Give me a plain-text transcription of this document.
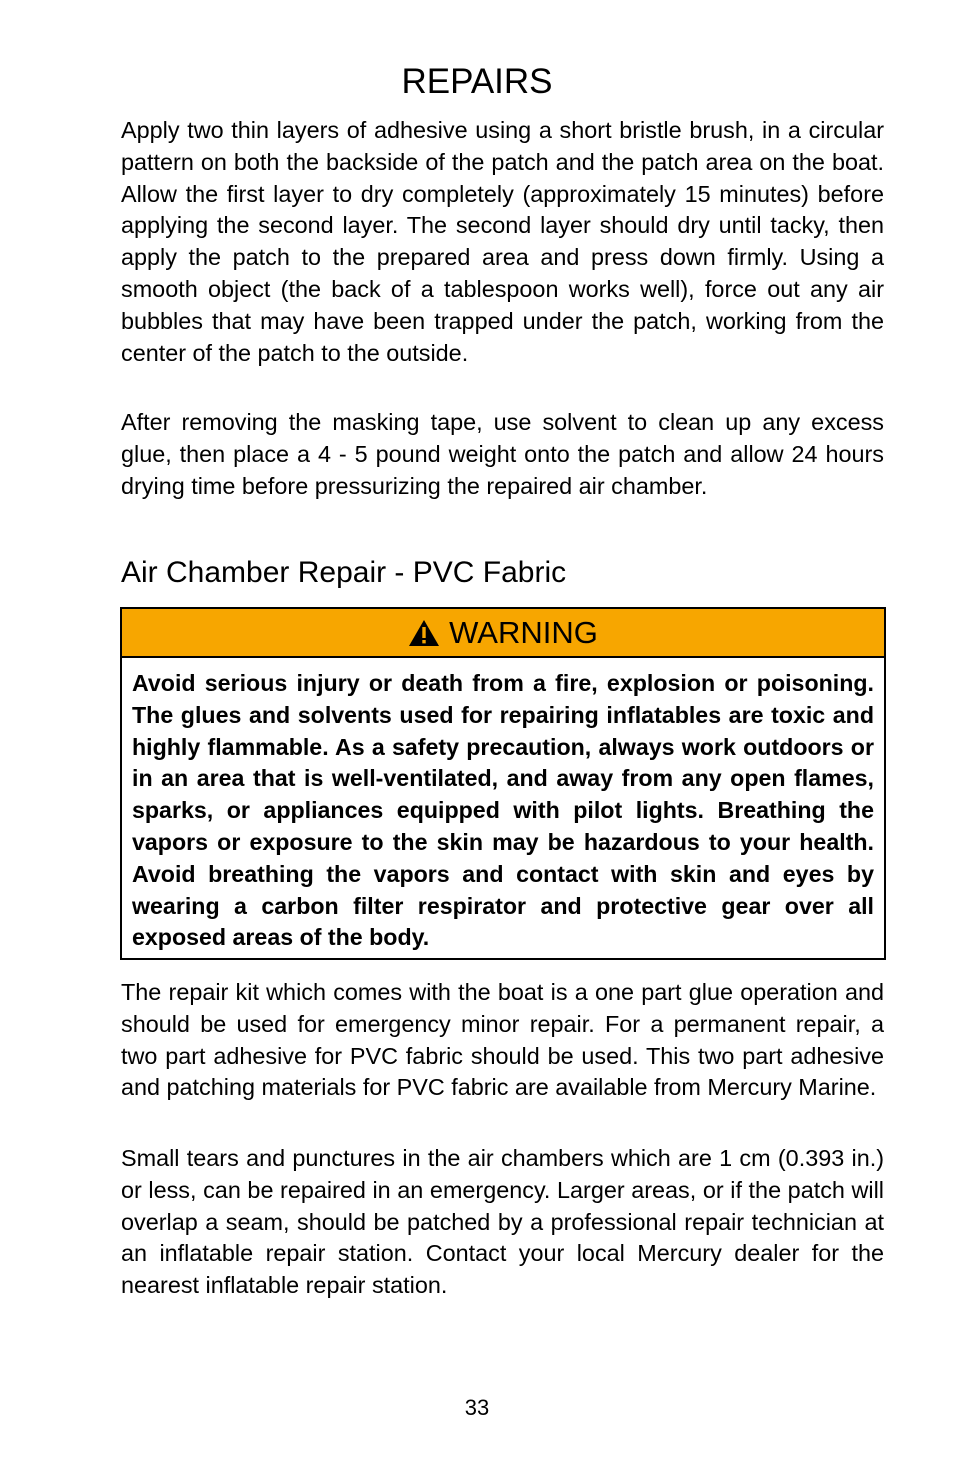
REPAIRS

Apply two thin layers of adhesive using a short bristle brush, in a circular pattern on both the backside of the patch and the patch area on the boat. Allow the first layer to dry completely (approximately 15 minutes) before applying the second layer. The second layer should dry until tacky, then apply the patch to the prepared area and press down firmly. Using a smooth object (the back of a tablespoon works well), force out any air bubbles that may have been trapped under the patch, working from the center of the patch to the outside.

After removing the masking tape, use solvent to clean up any excess glue, then place a 4 - 5 pound weight onto the patch and allow 24 hours drying time before pressurizing the repaired air chamber.

Air Chamber Repair - PVC Fabric
WARNING

Avoid serious injury or death from a fire, explosion or poisoning. The glues and solvents used for repairing inflatables are toxic and highly flammable. As a safety precaution, always work outdoors or in an area that is well-ventilated, and away from any open flames, sparks, or appliances equipped with pilot lights. Breathing the vapors or exposure to the skin may be hazardous to your health. Avoid breathing the vapors and contact with skin and eyes by wearing a carbon filter respirator and protective gear over all exposed areas of the body.

The repair kit which comes with the boat is a one part glue operation and should be used for emergency minor repair. For a permanent repair, a two part adhesive for PVC fabric should be used. This two part adhesive and patching materials for PVC fabric are available from Mercury Marine.

Small tears and punctures in the air chambers which are 1 cm (0.393 in.) or less, can be repaired in an emergency. Larger areas, or if the patch will overlap a seam, should be patched by a professional repair technician at an inflatable repair station. Contact your local Mercury dealer for the nearest inflatable repair station.

33
